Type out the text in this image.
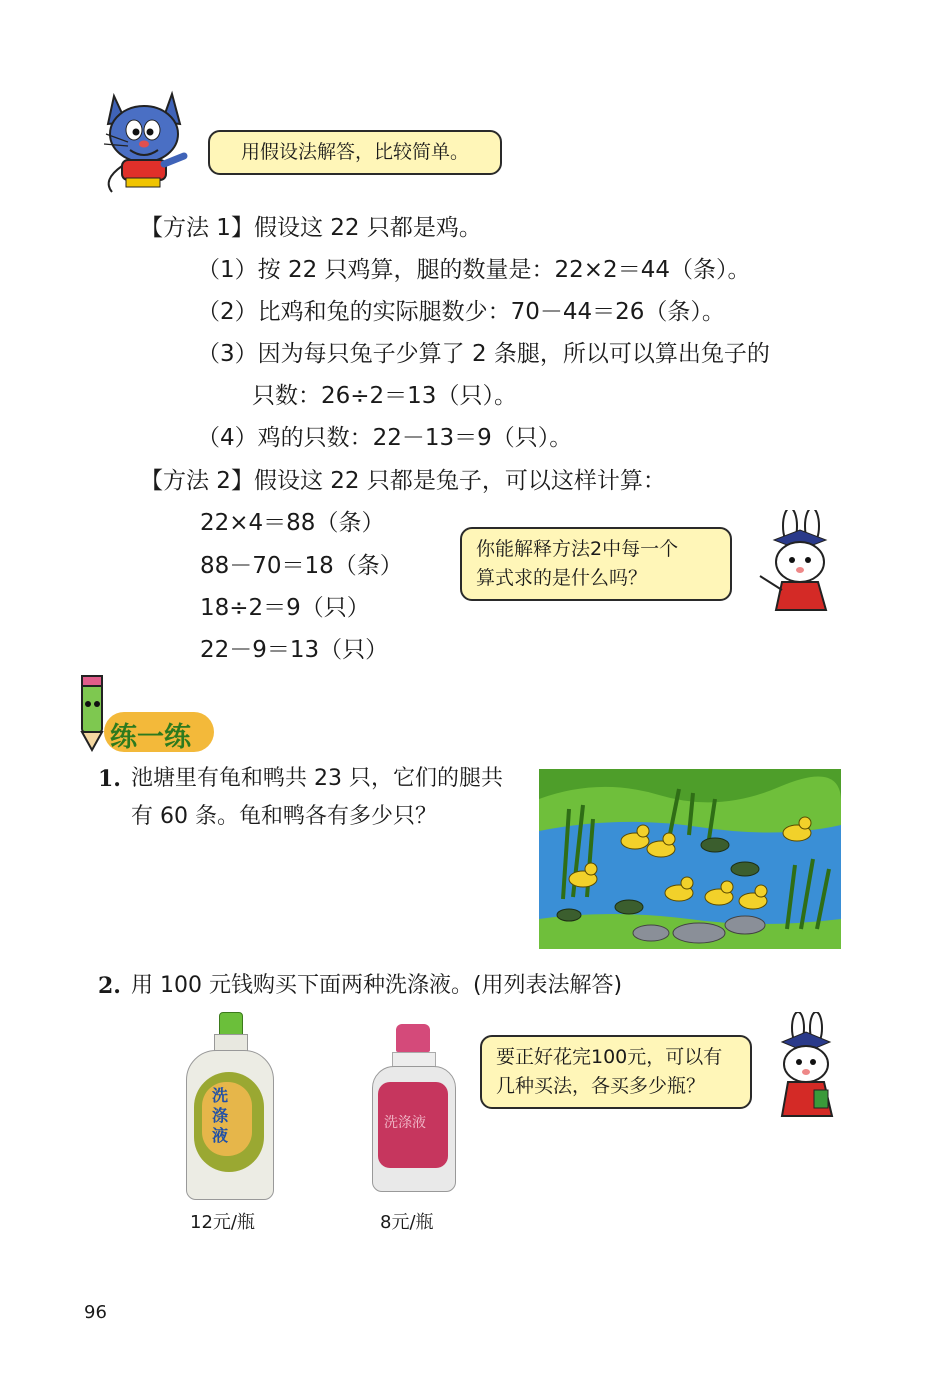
用假设法解答，比较简单。
【方法 1】假设这 22 只都是鸡。
（1）按 22 只鸡算，腿的数量是：22×2＝44（条）。
（2）比鸡和兔的实际腿数少：70－44＝26（条）。
（3）因为每只兔子少算了 2 条腿，所以可以算出兔子的
只数：26÷2＝13（只）。
（4）鸡的只数：22－13＝9（只）。
【方法 2】假设这 22 只都是兔子，可以这样计算：
22×4＝88（条）
88－70＝18（条）
18÷2＝9（只）
22－9＝13（只）
你能解释方法2中每一个
算式求的是什么吗？
练一练
1. 池塘里有龟和鸭共 23 只，它们的腿共
有 60 条。龟和鸭各有多少只？
2. 用 100 元钱购买下面两种洗涤液。(用列表法解答)
洗涤液
12元/瓶
洗涤液
8元/瓶
要正好花完100元，可以有
几种买法，各买多少瓶？
96
